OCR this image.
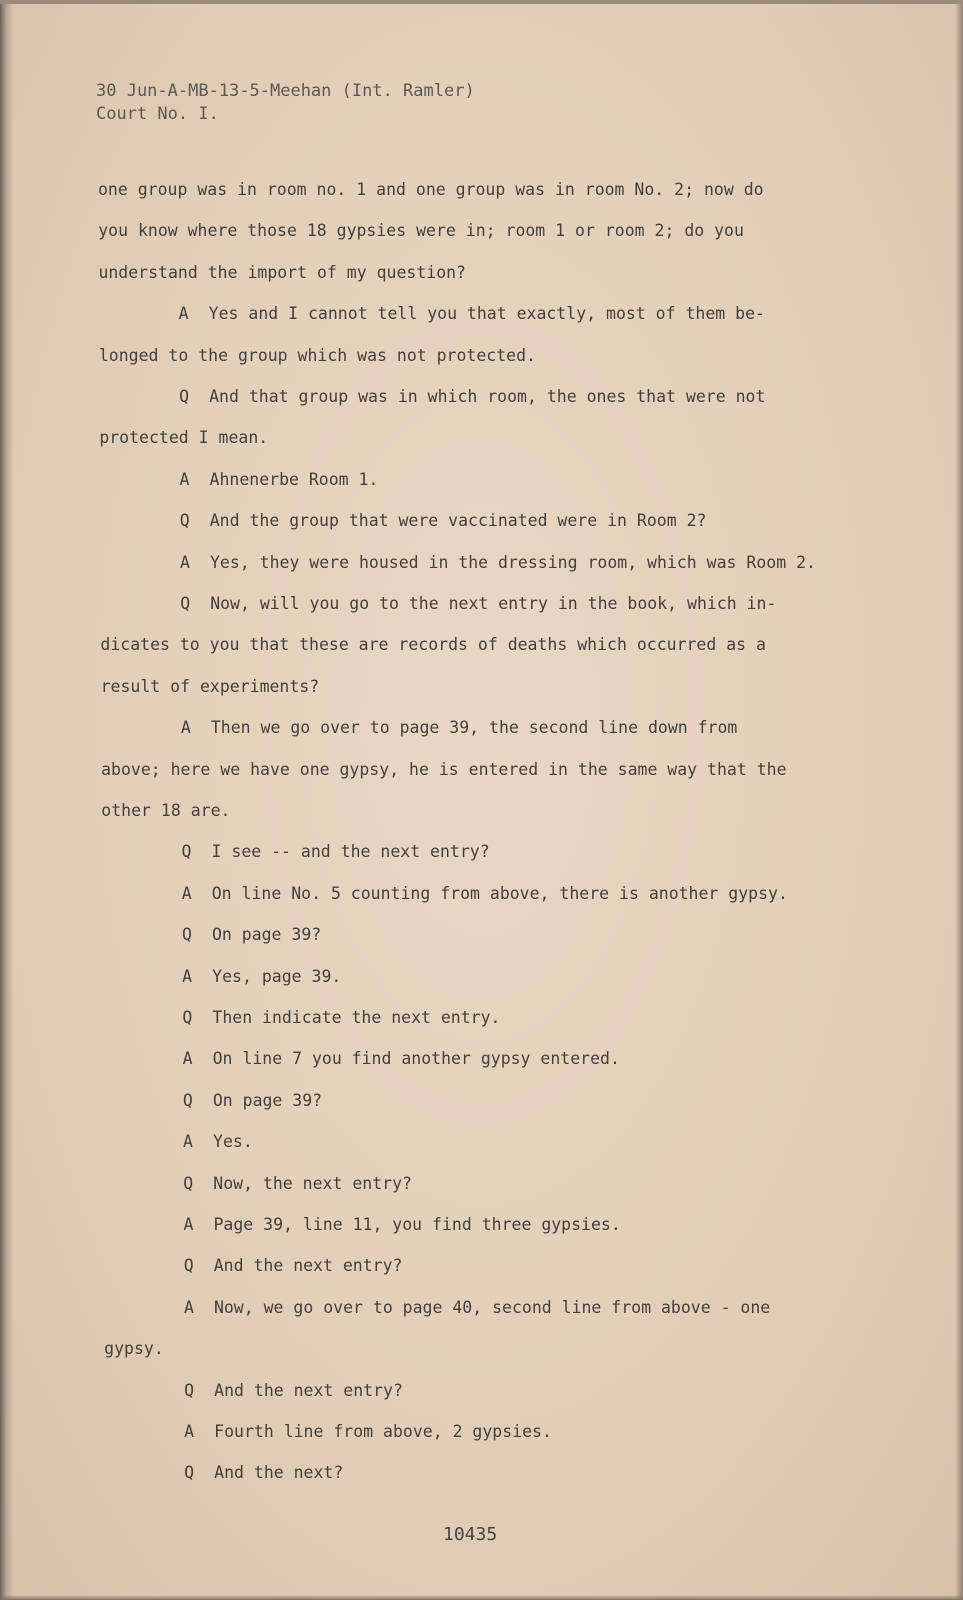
30 Jun-A-MB-13-5-Meehan (Int. Ramler)
Court No. I.
one group was in room no. 1 and one group was in room No. 2; now do
you know where those 18 gypsies were in; room 1 or room 2; do you
understand the import of my question?
A Yes and I cannot tell you that exactly, most of them be-
longed to the group which was not protected.
Q And that group was in which room, the ones that were not
protected I mean.
A Ahnenerbe Room 1.
Q And the group that were vaccinated were in Room 2?
A Yes, they were housed in the dressing room, which was Room 2.
Q Now, will you go to the next entry in the book, which in-
dicates to you that these are records of deaths which occurred as a
result of experiments?
A Then we go over to page 39, the second line down from
above; here we have one gypsy, he is entered in the same way that the
other 18 are.
Q I see -- and the next entry?
A On line No. 5 counting from above, there is another gypsy.
Q On page 39?
A Yes, page 39.
Q Then indicate the next entry.
A On line 7 you find another gypsy entered.
Q On page 39?
A Yes.
Q Now, the next entry?
A Page 39, line 11, you find three gypsies.
Q And the next entry?
A Now, we go over to page 40, second line from above - one
gypsy.
Q And the next entry?
A Fourth line from above, 2 gypsies.
Q And the next?
10435
